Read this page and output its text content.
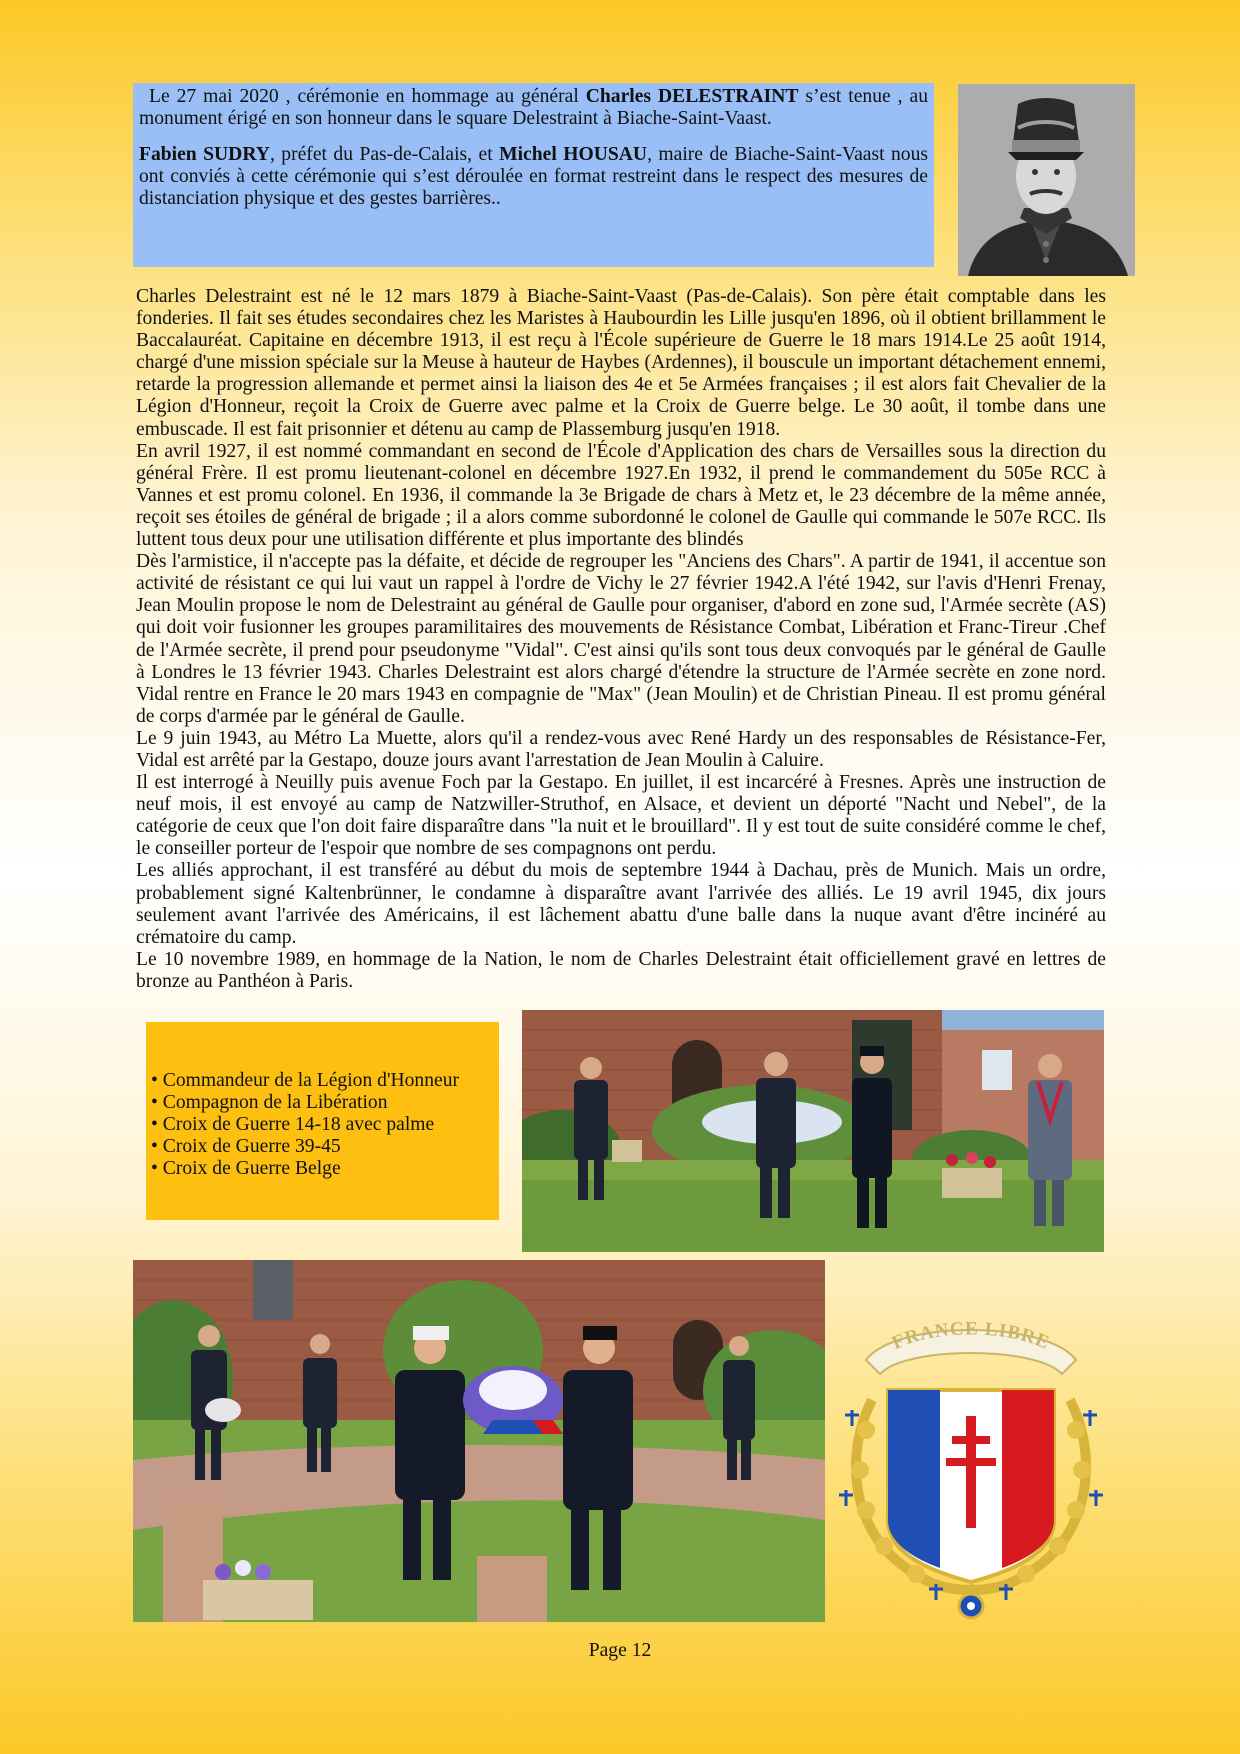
Le 27 mai 2020 , cérémonie en hommage au général Charles DELESTRAINT s’est tenue , au monument érigé en son honneur dans le square Delestraint à Biache-Saint-Vaast.

Fabien SUDRY, préfet du Pas-de-Calais, et Michel HOUSAU, maire de Biache-Saint-Vaast nous ont conviés à cette cérémonie qui s’est déroulée en format restreint dans le respect des mesures de distanciation physique et des gestes barrières..

Charles Delestraint est né le 12 mars 1879 à Biache-Saint-Vaast (Pas-de-Calais). Son père était comptable dans les fonderies. Il fait ses études secondaires chez les Maristes à Haubourdin les Lille jusqu'en 1896, où il obtient brillamment le Baccalauréat. Capitaine en décembre 1913, il est reçu à l'École supérieure de Guerre le 18 mars 1914.Le 25 août 1914, chargé d'une mission spéciale sur la Meuse à hauteur de Haybes (Ardennes), il bouscule un important détachement ennemi, retarde la progression allemande et permet ainsi la liaison des 4e et 5e Armées françaises ; il est alors fait Chevalier de la Légion d'Honneur, reçoit la Croix de Guerre avec palme et la Croix de Guerre belge. Le 30 août, il tombe dans une embuscade. Il est fait prisonnier et détenu au camp de Plassemburg jusqu'en 1918.

En avril 1927, il est nommé commandant en second de l'École d'Application des chars de Versailles sous la direction du général Frère. Il est promu lieutenant-colonel en décembre 1927.En 1932, il prend le commandement du 505e RCC à Vannes et est promu colonel. En 1936, il commande la 3e Brigade de chars à Metz et, le 23 décembre de la même année, reçoit ses étoiles de général de brigade ; il a alors comme subordonné le colonel de Gaulle qui commande le 507e RCC. Ils luttent tous deux pour une utilisation différente et plus importante des blindés

Dès l'armistice, il n'accepte pas la défaite, et décide de regrouper les "Anciens des Chars". A partir de 1941, il accentue son activité de résistant ce qui lui vaut un rappel à l'ordre de Vichy le 27 février 1942.A l'été 1942, sur l'avis d'Henri Frenay, Jean Moulin propose le nom de Delestraint au général de Gaulle pour organiser, d'abord en zone sud, l'Armée secrète (AS) qui doit voir fusionner les groupes paramilitaires des mouvements de Résistance Combat, Libération et Franc-Tireur .Chef de l'Armée secrète, il prend pour pseudonyme "Vidal". C'est ainsi qu'ils sont tous deux convoqués par le général de Gaulle à Londres le 13 février 1943. Charles Delestraint est alors chargé d'étendre la structure de l'Armée secrète en zone nord. Vidal rentre en France le 20 mars 1943 en compagnie de "Max" (Jean Moulin) et de Christian Pineau. Il est promu général de corps d'armée par le général de Gaulle.

Le 9 juin 1943, au Métro La Muette, alors qu'il a rendez-vous avec René Hardy un des responsables de Résistance-Fer, Vidal est arrêté par la Gestapo, douze jours avant l'arrestation de Jean Moulin à Caluire.

Il est interrogé à Neuilly puis avenue Foch par la Gestapo. En juillet, il est incarcéré à Fresnes. Après une instruction de neuf mois, il est envoyé au camp de Natzwiller-Struthof, en Alsace, et devient un déporté "Nacht und Nebel", de la catégorie de ceux que l'on doit faire disparaître dans "la nuit et le brouillard". Il y est tout de suite considéré comme le chef, le conseiller porteur de l'espoir que nombre de ses compagnons ont perdu.

Les alliés approchant, il est transféré au début du mois de septembre 1944 à Dachau, près de Munich. Mais un ordre, probablement signé Kaltenbrünner, le condamne à disparaître avant l'arrivée des alliés. Le 19 avril 1945, dix jours seulement avant l'arrivée des Américains, il est lâchement abattu d'une balle dans la nuque avant d'être incinéré au crématoire du camp.

Le 10 novembre 1989, en hommage de la Nation, le nom de Charles Delestraint était officiellement gravé en lettres de bronze au Panthéon à Paris.

• Commandeur de la Légion d'Honneur
• Compagnon de la Libération
• Croix de Guerre 14-18 avec palme
• Croix de Guerre 39-45
• Croix de Guerre Belge
FRANCE LIBRE
Page 12
